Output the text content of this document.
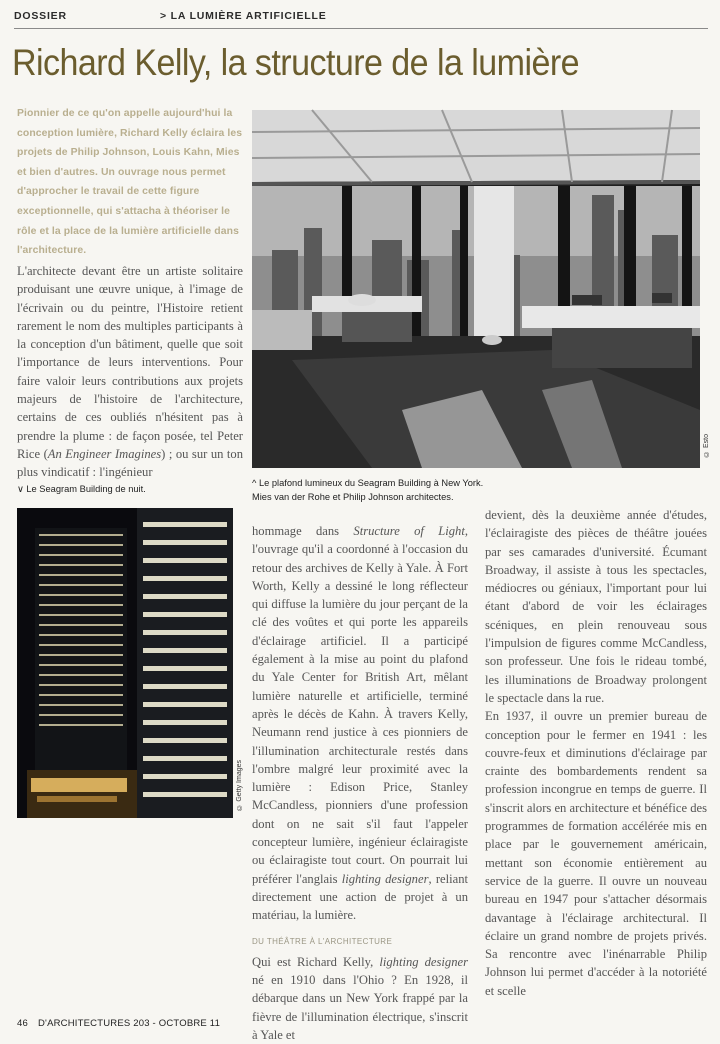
DOSSIER	> LA LUMIÈRE ARTIFICIELLE
Richard Kelly, la structure de la lumière
Pionnier de ce qu'on appelle aujourd'hui la conception lumière, Richard Kelly éclaira les projets de Philip Johnson, Louis Kahn, Mies et bien d'autres. Un ouvrage nous permet d'approcher le travail de cette figure exceptionnelle, qui s'attacha à théoriser le rôle et la place de la lumière artificielle dans l'architecture.

L'architecte devant être un artiste solitaire produisant une œuvre unique, à l'image de l'écrivain ou du peintre, l'Histoire retient rarement le nom des multiples participants à la conception d'un bâtiment, quelle que soit l'importance de leurs interventions. Pour faire valoir leurs contributions aux projets majeurs de l'histoire de l'architecture, certains de ces oubliés n'hésitent pas à prendre la plume : de façon posée, tel Peter Rice (An Engineer Imagines) ; ou sur un ton plus vindicatif : l'ingénieur

© Esto
^ Le plafond lumineux du Seagram Building à New York.
Mies van der Rohe et Philip Johnson architectes.
∨ Le Seagram Building de nuit.
© Getty Images

hommage dans Structure of Light, l'ouvrage qu'il a coordonné à l'occasion du retour des archives de Kelly à Yale. À Fort Worth, Kelly a dessiné le long réflecteur qui diffuse la lumière du jour perçant de la clé des voûtes et qui porte les appareils d'éclairage artificiel. Il a participé également à la mise au point du plafond du Yale Center for British Art, mêlant lumière naturelle et artificielle, terminé après le décès de Kahn. À travers Kelly, Neumann rend justice à ces pionniers de l'illumination architecturale restés dans l'ombre malgré leur proximité avec la lumière : Edison Price, Stanley McCandless, pionniers d'une profession dont on ne sait s'il faut l'appeler concepteur lumière, ingénieur éclairagiste ou éclairagiste tout court. On pourrait lui préférer l'anglais lighting designer, reliant directement une action de projet à un matériau, la lumière.

DU THÉÂTRE À L'ARCHITECTURE

Qui est Richard Kelly, lighting designer né en 1910 dans l'Ohio ? En 1928, il débarque dans un New York frappé par la fièvre de l'illumination électrique, s'inscrit à Yale et

devient, dès la deuxième année d'études, l'éclairagiste des pièces de théâtre jouées par ses camarades d'université. Écumant Broadway, il assiste à tous les spectacles, médiocres ou géniaux, l'important pour lui étant d'abord de voir les éclairages scéniques, en plein renouveau sous l'impulsion de figures comme McCandless, son professeur. Une fois le rideau tombé, les illuminations de Broadway prolongent le spectacle dans la rue.

En 1937, il ouvre un premier bureau de conception pour le fermer en 1941 : les couvre-feux et diminutions d'éclairage par crainte des bombardements rendent sa profession incongrue en temps de guerre. Il s'inscrit alors en architecture et bénéfice des programmes de formation accélérée mis en place par le gouvernement américain, mettant son économie entièrement au service de la guerre. Il ouvre un nouveau bureau en 1947 pour s'attacher désormais davantage à l'éclairage architectural. Il éclaire un grand nombre de projets privés. Sa rencontre avec l'inénarrable Philip Johnson lui permet d'accéder à la notoriété et scelle

46 D'ARCHITECTURES 203 - OCTOBRE 11
